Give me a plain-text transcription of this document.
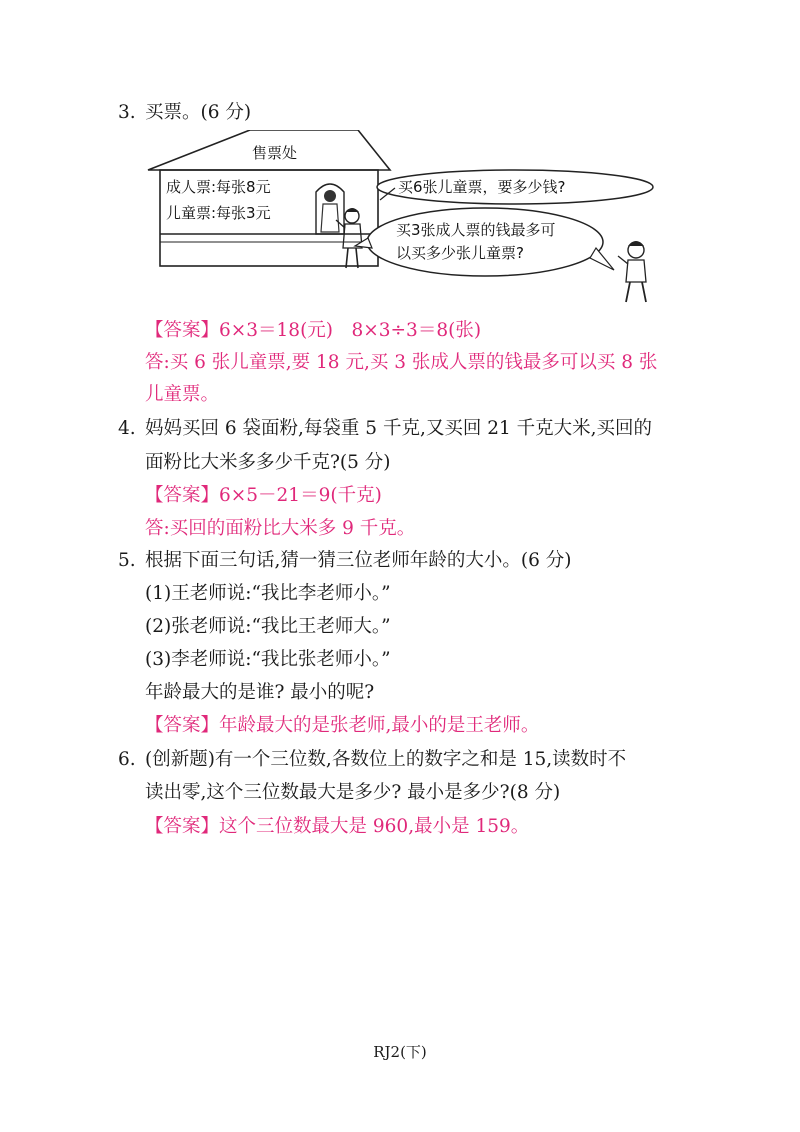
3. 买票。(6 分)
售票处
成人票:每张8元
儿童票:每张3元
买6张儿童票，要多少钱?
买3张成人票的钱最多可
以买多少张儿童票?
【答案】6×3＝18(元)　8×3÷3＝8(张)
答:买 6 张儿童票,要 18 元,买 3 张成人票的钱最多可以买 8 张
儿童票。
4. 妈妈买回 6 袋面粉,每袋重 5 千克,又买回 21 千克大米,买回的
面粉比大米多多少千克?(5 分)
【答案】6×5－21＝9(千克)
答:买回的面粉比大米多 9 千克。
5. 根据下面三句话,猜一猜三位老师年龄的大小。(6 分)
(1)王老师说:“我比李老师小。”
(2)张老师说:“我比王老师大。”
(3)李老师说:“我比张老师小。”
年龄最大的是谁? 最小的呢?
【答案】年龄最大的是张老师,最小的是王老师。
6. (创新题)有一个三位数,各数位上的数字之和是 15,读数时不
读出零,这个三位数最大是多少? 最小是多少?(8 分)
【答案】这个三位数最大是 960,最小是 159。
RJ2(下)
